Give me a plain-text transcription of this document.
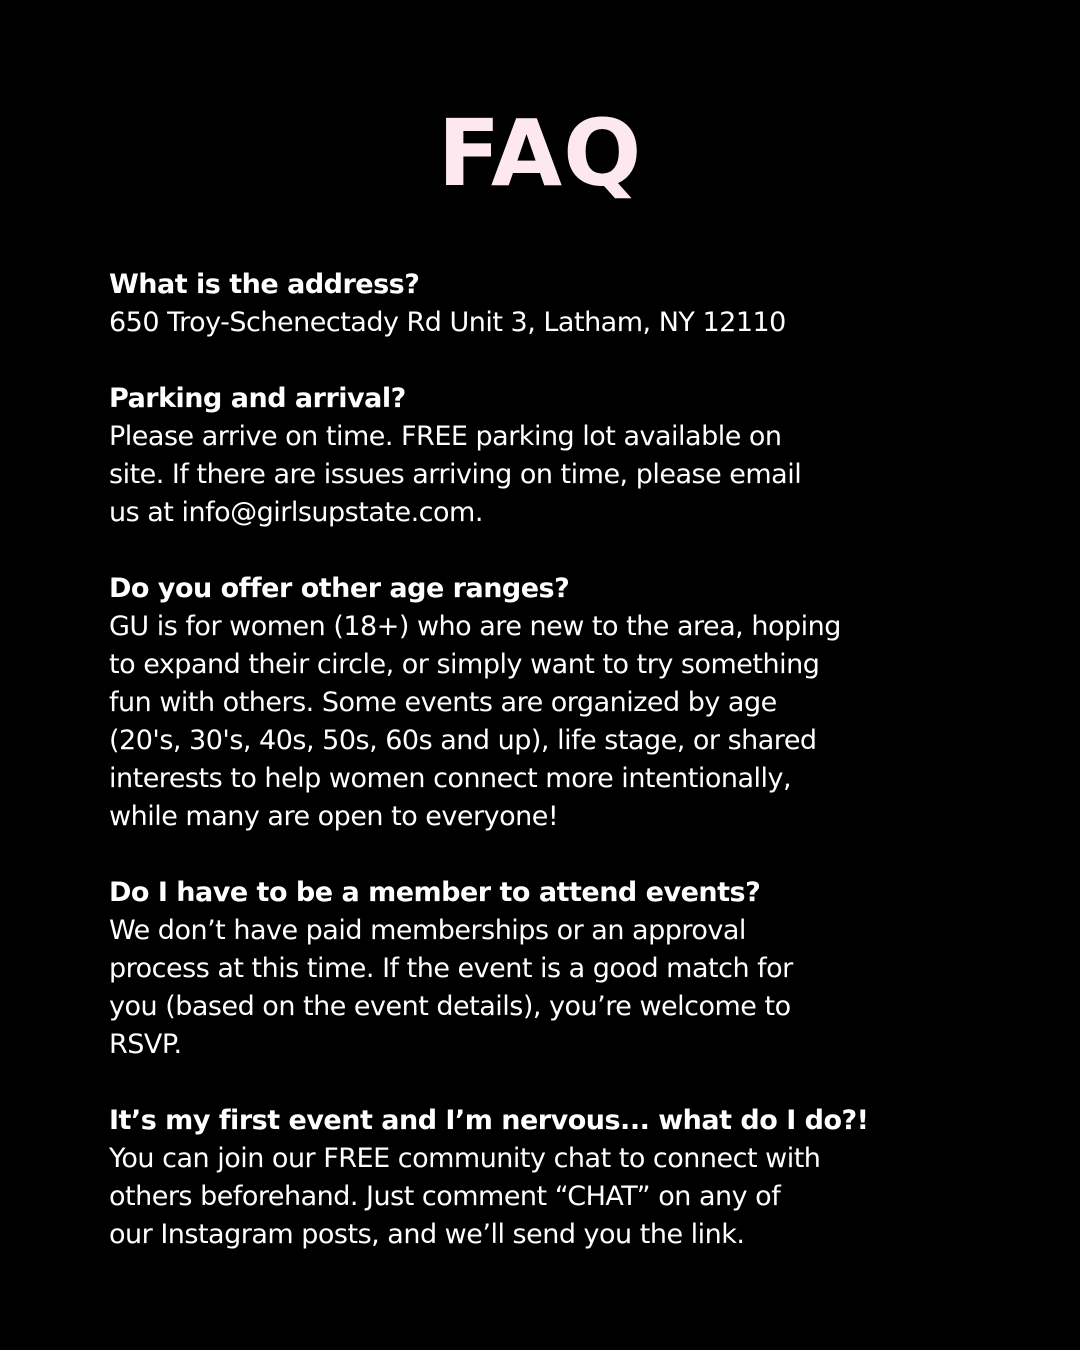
FAQ
What is the address?
650 Troy-Schenectady Rd Unit 3, Latham, NY 12110
Parking and arrival?
Please arrive on time. FREE parking lot available on
site. If there are issues arriving on time, please email
us at info@girlsupstate.com.
Do you offer other age ranges?
GU is for women (18+) who are new to the area, hoping
to expand their circle, or simply want to try something
fun with others. Some events are organized by age
(20's, 30's, 40s, 50s, 60s and up), life stage, or shared
interests to help women connect more intentionally,
while many are open to everyone!
Do I have to be a member to attend events?
We don’t have paid memberships or an approval
process at this time. If the event is a good match for
you (based on the event details), you’re welcome to
RSVP.
It’s my first event and I’m nervous... what do I do?!
You can join our FREE community chat to connect with
others beforehand. Just comment “CHAT” on any of
our Instagram posts, and we’ll send you the link.
